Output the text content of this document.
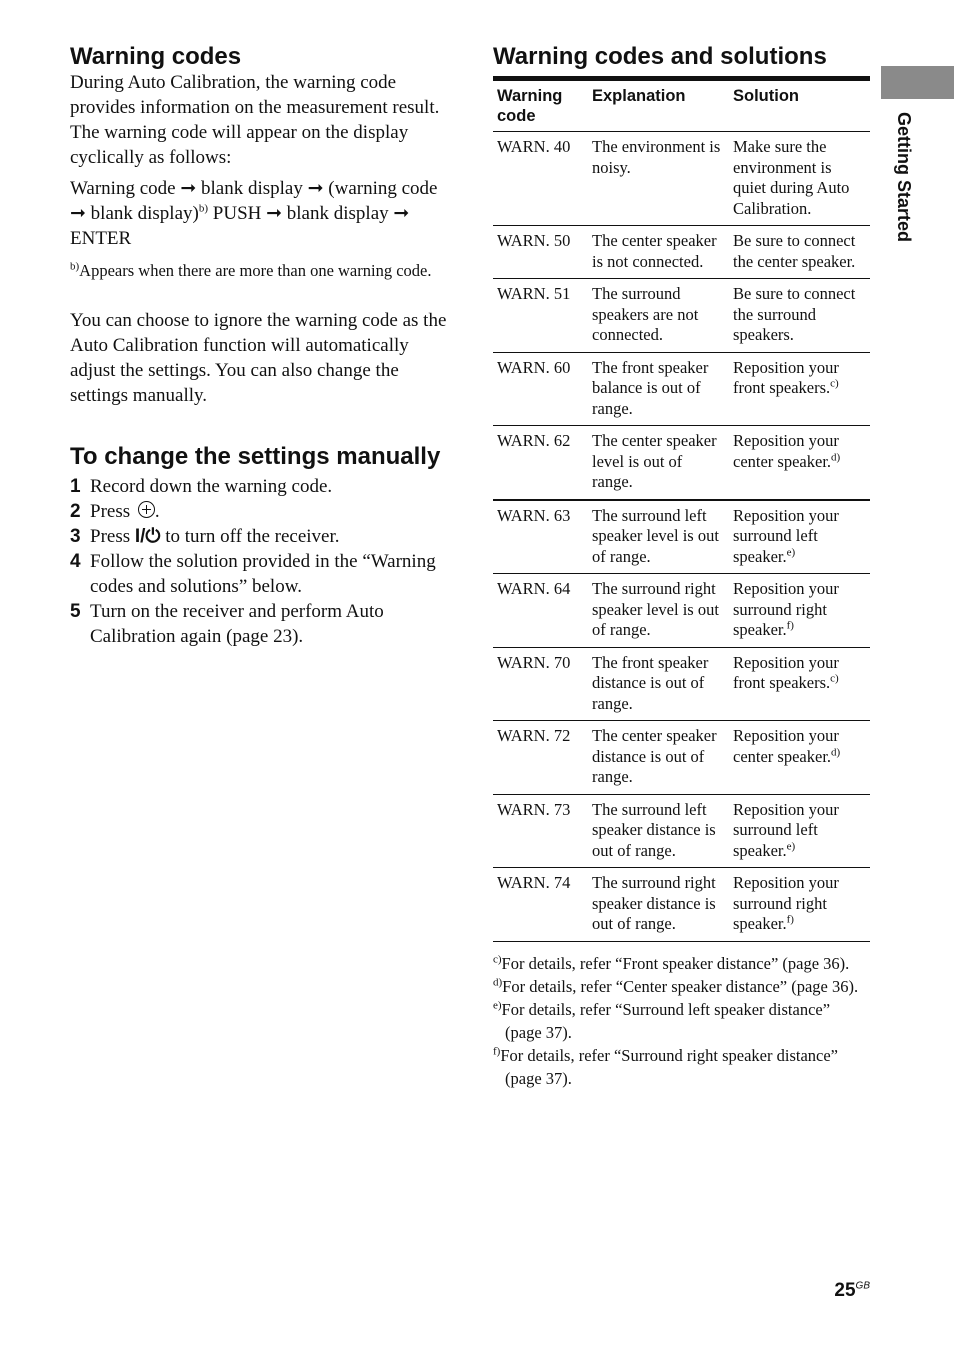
Warning codes

During Auto Calibration, the warning code provides information on the measurement result. The warning code will appear on the display cyclically as follows:

Warning code ➞ blank display ➞ (warning code ➞ blank display)$^{b)}$ PUSH ➞ blank display ➞ ENTER

$^{b)}$Appears when there are more than one warning code.

You can choose to ignore the warning code as the Auto Calibration function will automatically adjust the settings. You can also change the settings manually.

To change the settings manually
1 Record down the warning code.
2 Press .
3 Press I/⏻ to turn off the receiver.
4 Follow the solution provided in the “Warning codes and solutions” below.
5 Turn on the receiver and perform Auto Calibration again (page 23).
Warning codes and solutions
Warning code	Explanation	Solution
WARN. 40	The environment is noisy.	Make sure the environment is quiet during Auto Calibration.
WARN. 50	The center speaker is not connected.	Be sure to connect the center speaker.
WARN. 51	The surround speakers are not connected.	Be sure to connect the surround speakers.
WARN. 60	The front speaker balance is out of range.	Reposition your front speakers.$^{c)}$
WARN. 62	The center speaker level is out of range.	Reposition your center speaker.$^{d)}$
WARN. 63	The surround left speaker level is out of range.	Reposition your surround left speaker.$^{e)}$
WARN. 64	The surround right speaker level is out of range.	Reposition your surround right speaker.$^{f)}$
WARN. 70	The front speaker distance is out of range.	Reposition your front speakers.$^{c)}$
WARN. 72	The center speaker distance is out of range.	Reposition your center speaker.$^{d)}$
WARN. 73	The surround left speaker distance is out of range.	Reposition your surround left speaker.$^{e)}$
WARN. 74	The surround right speaker distance is out of range.	Reposition your surround right speaker.$^{f)}$
$^{c)}$For details, refer “Front speaker distance” (page 36).
$^{d)}$For details, refer “Center speaker distance” (page 36).
$^{e)}$For details, refer “Surround left speaker distance” (page 37).
$^{f)}$For details, refer “Surround right speaker distance” (page 37).
Getting Started
$25^{GB}$
